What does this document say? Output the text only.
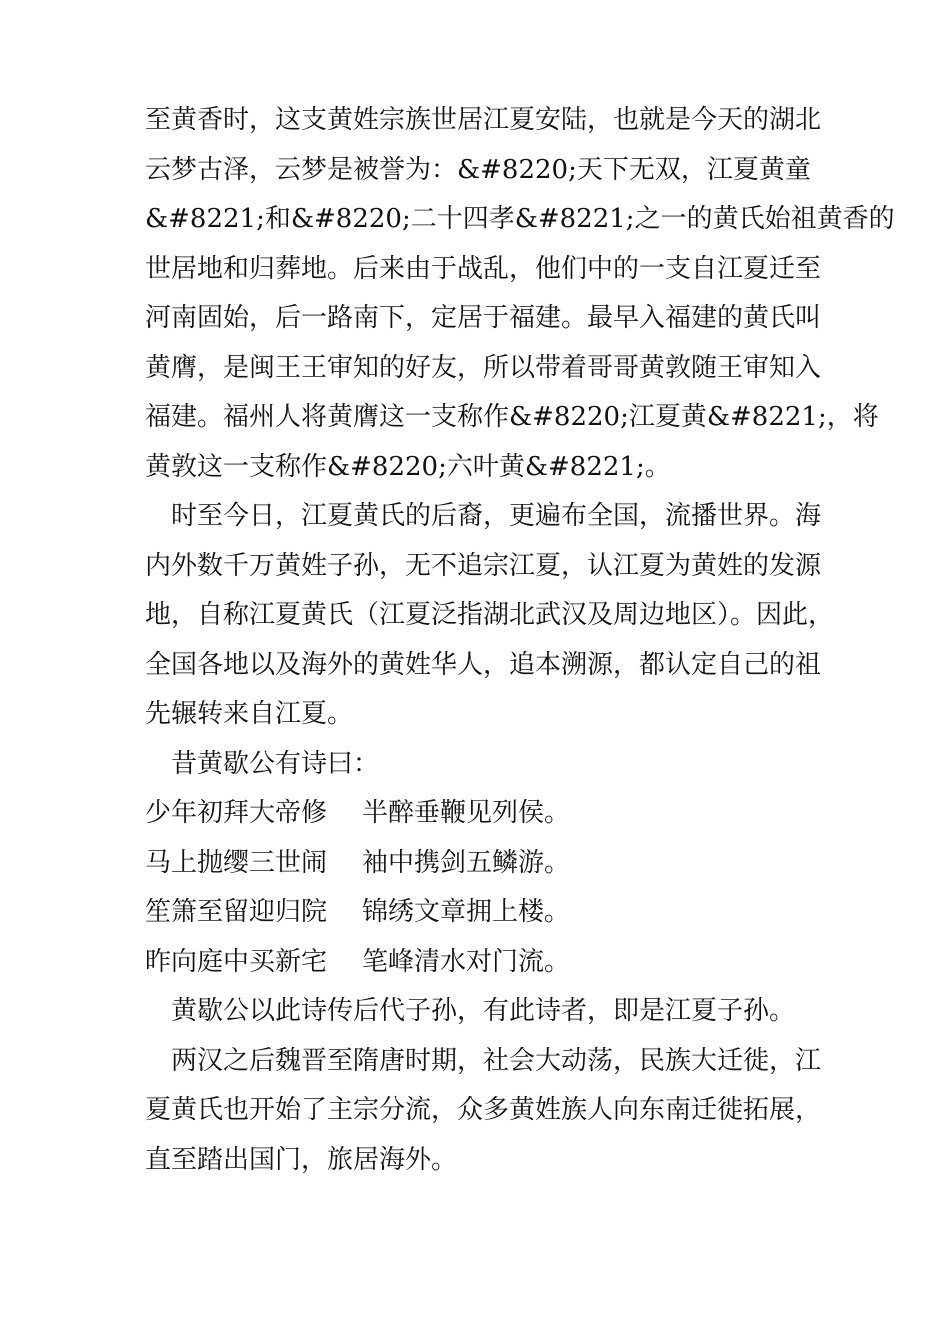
至黄香时，这支黄姓宗族世居江夏安陆，也就是今天的湖北
云梦古泽，云梦是被誉为：&#8220;天下无双，江夏黄童
&#8221;和&#8220;二十四孝&#8221;之一的黄氏始祖黄香的
世居地和归葬地。后来由于战乱，他们中的一支自江夏迁至
河南固始，后一路南下，定居于福建。最早入福建的黄氏叫
黄膺，是闽王王审知的好友，所以带着哥哥黄敦随王审知入
福建。福州人将黄膺这一支称作&#8220;江夏黄&#8221;，将
黄敦这一支称作&#8220;六叶黄&#8221;。
时至今日，江夏黄氏的后裔，更遍布全国，流播世界。海
内外数千万黄姓子孙，无不追宗江夏，认江夏为黄姓的发源
地，自称江夏黄氏（江夏泛指湖北武汉及周边地区）。因此，
全国各地以及海外的黄姓华人，追本溯源，都认定自己的祖
先辗转来自江夏。
昔黄歇公有诗曰：
少年初拜大帝修 半醉垂鞭见列侯。
马上抛缨三世闹 袖中携剑五鳞游。
笙箫至留迎归院 锦绣文章拥上楼。
昨向庭中买新宅 笔峰清水对门流。
黄歇公以此诗传后代子孙，有此诗者，即是江夏子孙。
两汉之后魏晋至隋唐时期，社会大动荡，民族大迁徙，江
夏黄氏也开始了主宗分流，众多黄姓族人向东南迁徙拓展，
直至踏出国门，旅居海外。
